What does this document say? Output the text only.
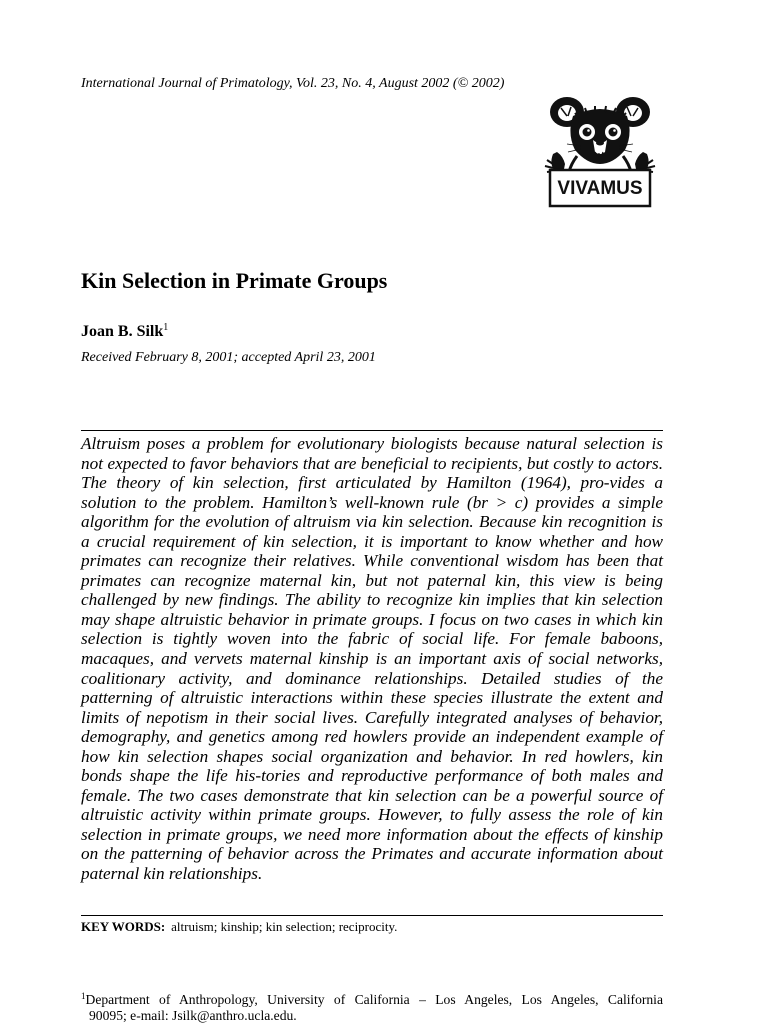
International Journal of Primatology, Vol. 23, No. 4, August 2002 (© 2002)
VIVAMUS
Kin Selection in Primate Groups
Joan B. Silk$^1$
Received February 8, 2001; accepted April 23, 2001

Altruism poses a problem for evolutionary biologists because natural selection is not expected to favor behaviors that are beneficial to recipients, but costly to actors. The theory of kin selection, first articulated by Hamilton (1964), pro-vides a solution to the problem. Hamilton’s well-known rule (br > c) provides a simple algorithm for the evolution of altruism via kin selection. Because kin recognition is a crucial requirement of kin selection, it is important to know whether and how primates can recognize their relatives. While conventional wisdom has been that primates can recognize maternal kin, but not paternal kin, this view is being challenged by new findings. The ability to recognize kin implies that kin selection may shape altruistic behavior in primate groups. I focus on two cases in which kin selection is tightly woven into the fabric of social life. For female baboons, macaques, and vervets maternal kinship is an important axis of social networks, coalitionary activity, and dominance relationships. Detailed studies of the patterning of altruistic interactions within these species illustrate the extent and limits of nepotism in their social lives. Carefully integrated analyses of behavior, demography, and genetics among red howlers provide an independent example of how kin selection shapes social organization and behavior. In red howlers, kin bonds shape the life his-tories and reproductive performance of both males and female. The two cases demonstrate that kin selection can be a powerful source of altruistic activity within primate groups. However, to fully assess the role of kin selection in primate groups, we need more information about the effects of kinship on the patterning of behavior across the Primates and accurate information about paternal kin relationships.

KEY WORDS: altruism; kinship; kin selection; reciprocity.
$^1$Department of Anthropology, University of California – Los Angeles, Los Angeles, California
90095; e-mail: Jsilk@anthro.ucla.edu.
